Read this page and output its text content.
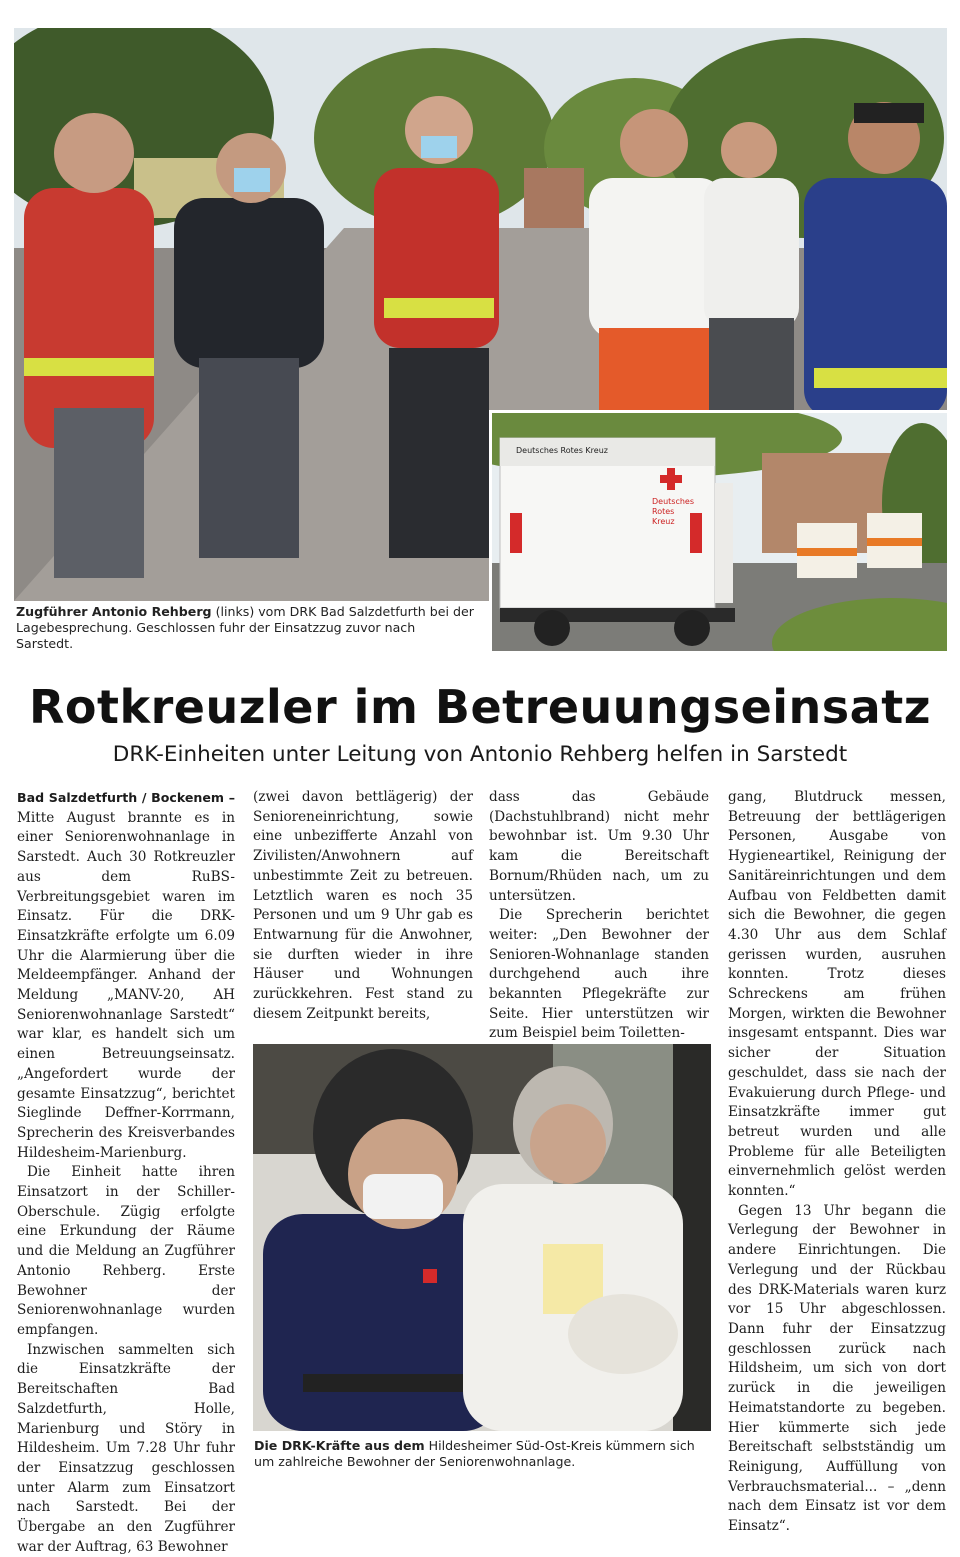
Deutsches Rotes Kreuz
Deutsches
Rotes
Kreuz
Zugführer Antonio Rehberg (links) vom DRK Bad Salzdetfurth bei der Lagebesprechung. Geschlossen fuhr der Einsatzzug zuvor nach Sarstedt.
Rotkreuzler im Betreuungseinsatz
DRK-Einheiten unter Leitung von Antonio Rehberg helfen in Sarstedt

Bad Salzdetfurth / Bockenem – Mitte August brannte es in einer Seniorenwohnanlage in Sarstedt. Auch 30 Rotkreuzler aus dem RuBS-Verbreitungsgebiet waren im Einsatz. Für die DRK-Einsatzkräfte erfolgte um 6.09 Uhr die Alarmierung über die Meldeempfänger. Anhand der Meldung „MANV-20, AH Seniorenwohnanlage Sarstedt“ war klar, es handelt sich um einen Betreuungseinsatz. „Angefordert wurde der gesamte Einsatzzug“, berichtet Sieglinde Deffner-Korrmann, Sprecherin des Kreisverbandes Hildesheim-Marienburg.

Die Einheit hatte ihren Einsatzort in der Schiller-Oberschule. Zügig erfolgte eine Erkundung der Räume und die Meldung an Zugführer Antonio Rehberg. Erste Bewohner der Seniorenwohnanlage wurden empfangen.

Inzwischen sammelten sich die Einsatzkräfte der Bereitschaften Bad Salzdetfurth, Holle, Marienburg und Störy in Hildesheim. Um 7.28 Uhr fuhr der Einsatzzug geschlossen unter Alarm zum Einsatzort nach Sarstedt. Bei der Übergabe an den Zugführer war der Auftrag, 63 Bewohner

(zwei davon bettlägerig) der Senioreneinrichtung, sowie eine unbezifferte Anzahl von Zivilisten/Anwohnern auf unbestimmte Zeit zu betreuen. Letztlich waren es noch 35 Personen und um 9 Uhr gab es Entwarnung für die Anwohner, sie durften wieder in ihre Häuser und Wohnungen zurückkehren. Fest stand zu diesem Zeitpunkt bereits,

dass das Gebäude (Dachstuhlbrand) nicht mehr bewohnbar ist. Um 9.30 Uhr kam die Bereitschaft Bornum/Rhüden nach, um zu untersützen.

Die Sprecherin berichtet weiter: „Den Bewohner der Senioren-Wohnanlage standen durchgehend auch ihre bekannten Pflegekräfte zur Seite. Hier unterstützen wir zum Beispiel beim Toiletten-

gang, Blutdruck messen, Betreuung der bettlägerigen Personen, Ausgabe von Hygieneartikel, Reinigung der Sanitäreinrichtungen und dem Aufbau von Feldbetten damit sich die Bewohner, die gegen 4.30 Uhr aus dem Schlaf gerissen wurden, ausruhen konnten. Trotz dieses Schreckens am frühen Morgen, wirkten die Bewohner insgesamt entspannt. Dies war sicher der Situation geschuldet, dass sie nach der Evakuierung durch Pflege- und Einsatzkräfte immer gut betreut wurden und alle Probleme für alle Beteiligten einvernehmlich gelöst werden konnten.“

Gegen 13 Uhr begann die Verlegung der Bewohner in andere Einrichtungen. Die Verlegung und der Rückbau des DRK-Materials waren kurz vor 15 Uhr abgeschlossen. Dann fuhr der Einsatzzug geschlossen zurück nach Hildsheim, um sich von dort zurück in die jeweiligen Heimatstandorte zu begeben. Hier kümmerte sich jede Bereitschaft selbstständig um Reinigung, Auffüllung von Verbrauchsmaterial... – „denn nach dem Einsatz ist vor dem Einsatz“.

Die DRK-Kräfte aus dem Hildesheimer Süd-Ost-Kreis kümmern sich um zahlreiche Bewohner der Seniorenwohnanlage.
